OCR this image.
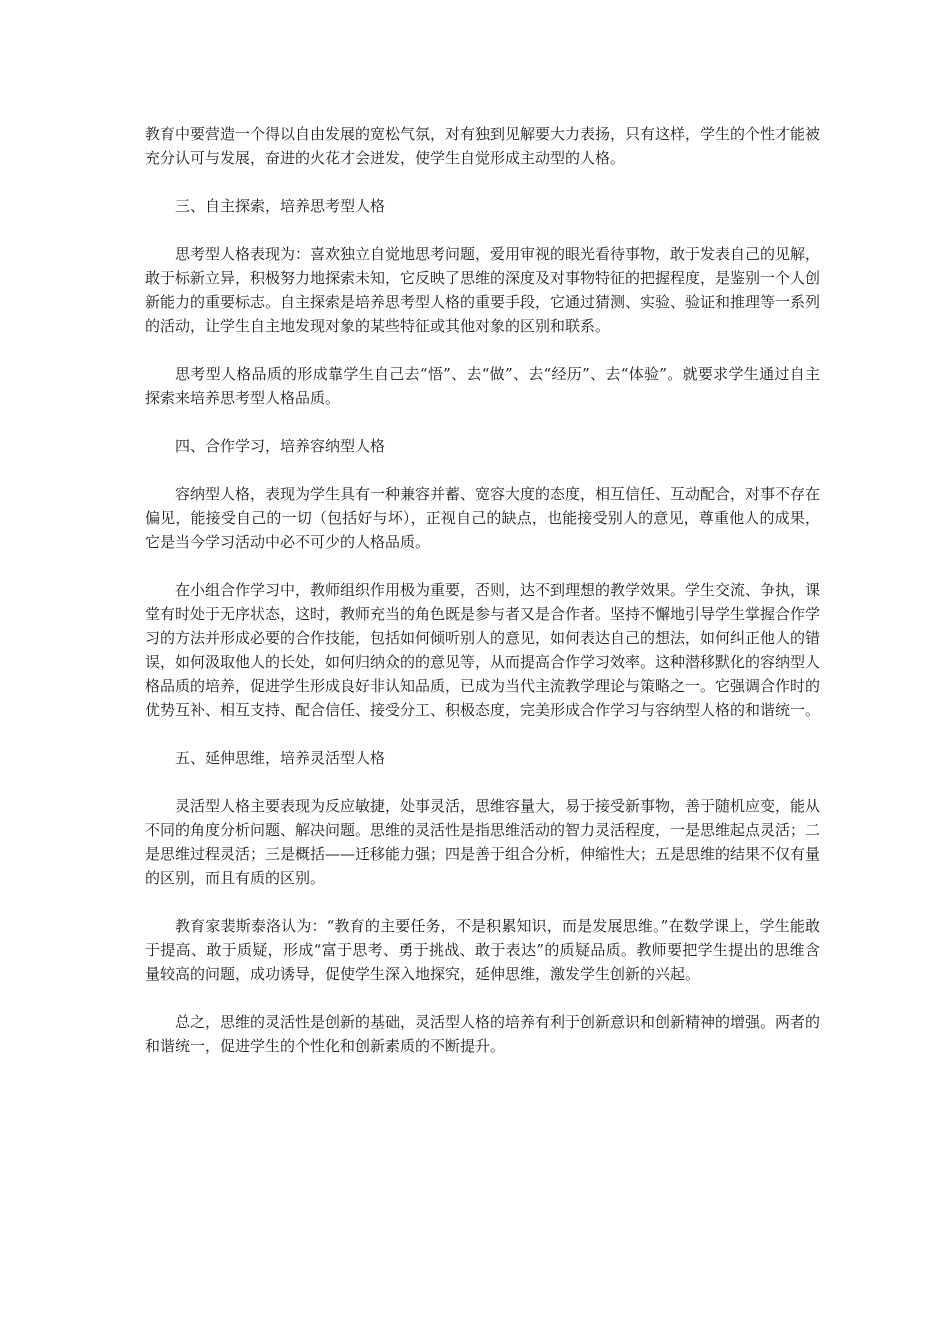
教育中要营造一个得以自由发展的宽松气氛，对有独到见解要大力表扬，只有这样，学生的个性才能被充分认可与发展，奋进的火花才会迸发，使学生自觉形成主动型的人格。

三、自主探索，培养思考型人格

思考型人格表现为：喜欢独立自觉地思考问题，爱用审视的眼光看待事物，敢于发表自己的见解，敢于标新立异，积极努力地探索未知，它反映了思维的深度及对事物特征的把握程度，是鉴别一个人创新能力的重要标志。自主探索是培养思考型人格的重要手段，它通过猜测、实验、验证和推理等一系列的活动，让学生自主地发现对象的某些特征或其他对象的区别和联系。

思考型人格品质的形成靠学生自己去“悟”、去“做”、去“经历”、去“体验”。就要求学生通过自主探索来培养思考型人格品质。

四、合作学习，培养容纳型人格

容纳型人格，表现为学生具有一种兼容并蓄、宽容大度的态度，相互信任、互动配合，对事不存在偏见，能接受自己的一切（包括好与坏），正视自己的缺点，也能接受别人的意见，尊重他人的成果，它是当今学习活动中必不可少的人格品质。

在小组合作学习中，教师组织作用极为重要，否则，达不到理想的教学效果。学生交流、争执，课堂有时处于无序状态，这时，教师充当的角色既是参与者又是合作者。坚持不懈地引导学生掌握合作学习的方法并形成必要的合作技能，包括如何倾听别人的意见，如何表达自己的想法，如何纠正他人的错误，如何汲取他人的长处，如何归纳众的的意见等，从而提高合作学习效率。这种潜移默化的容纳型人格品质的培养，促进学生形成良好非认知品质，已成为当代主流教学理论与策略之一。它强调合作时的优势互补、相互支持、配合信任、接受分工、积极态度，完美形成合作学习与容纳型人格的和谐统一。

五、延伸思维，培养灵活型人格

灵活型人格主要表现为反应敏捷，处事灵活，思维容量大，易于接受新事物，善于随机应变，能从不同的角度分析问题、解决问题。思维的灵活性是指思维活动的智力灵活程度，一是思维起点灵活；二是思维过程灵活；三是概括——迁移能力强；四是善于组合分析，伸缩性大；五是思维的结果不仅有量的区别，而且有质的区别。

教育家裴斯泰洛认为：“教育的主要任务，不是积累知识，而是发展思维。”在数学课上，学生能敢于提高、敢于质疑，形成“富于思考、勇于挑战、敢于表达”的质疑品质。教师要把学生提出的思维含量较高的问题，成功诱导，促使学生深入地探究，延伸思维，激发学生创新的兴起。

总之，思维的灵活性是创新的基础，灵活型人格的培养有利于创新意识和创新精神的增强。两者的和谐统一，促进学生的个性化和创新素质的不断提升。
